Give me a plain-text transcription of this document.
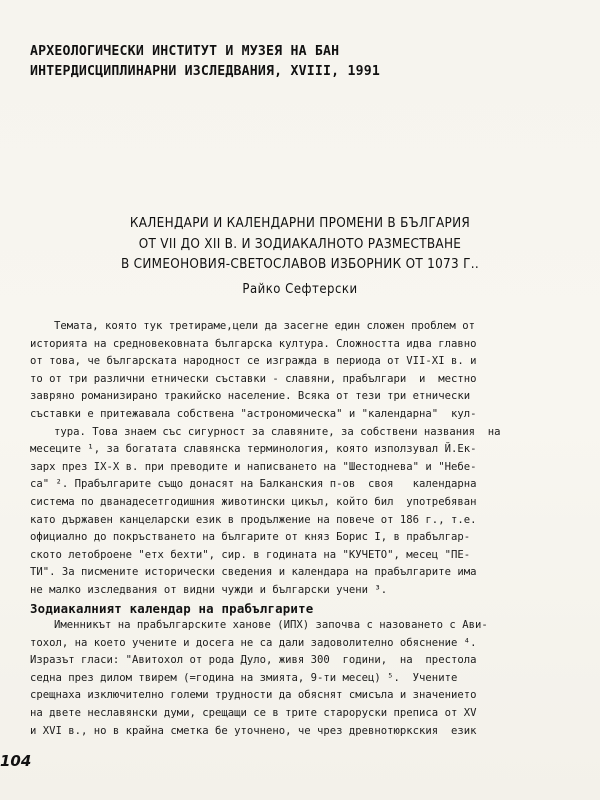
АРХЕОЛОГИЧЕСКИ ИНСТИТУТ И МУЗЕЯ НА БАН
ИНТЕРДИСЦИПЛИНАРНИ ИЗСЛЕДВАНИЯ, XVIII, 1991
КАЛЕНДАРИ И КАЛЕНДАРНИ ПРОМЕНИ В БЪЛГАРИЯ
ОТ VII ДО XII В. И ЗОДИАКАЛНОТО РАЗМЕСТВАНЕ
В СИМЕОНОВИЯ-СВЕТОСЛАВОВ ИЗБОРНИК ОТ 1073 Г..
Райко Сефтерски
Темата, която тук третираме,цели да засегне един сложен проблем от
историята на средновековната българска култура. Сложността идва главно
от това, че българската народност се изгражда в периода от VII-XI в. и
то от три различни етнически съставки - славяни, прабългари  и  местно
завряно романизирано тракийско население. Всяка от тези три етнически
съставки е притежавала собствена "астрономическа" и "календарна"  кул-
тура. Това знаем със сигурност за славяните, за собствени названия  на
месеците ¹, за богатата славянска терминология, която използувал Й.Ек-
зарх през IX-X в. при преводите и написването на "Шестоднева" и "Небе-
са" ². Прабългарите също донасят на Балканския п-ов  своя   календарна
система по дванадесетгодишния животински цикъл, който бил  употребяван
като държавен канцеларски език в продължение на повече от 186 г., т.е.
официално до покръстването на българите от княз Борис I, в прабългар-
ското летоброене "етх бехти", сир. в годината на "КУЧЕТО", месец "ПЕ-
ТИ". За писмените исторически сведения и календара на прабългарите има
не малко изследвания от видни чужди и български учени ³.
Зодиакалният календар на прабългарите
Именникът на прабългарските ханове (ИПХ) започва с назоването с Ави-
тохол, на което учените и досега не са дали задоволително обяснение ⁴.
Изразът гласи: "Авитохол от рода Дуло, живя 300  години,  на  престола
седна през дилом твирем (=година на змията, 9-ти месец) ⁵.  Учените
срещнаха изключително големи трудности да обяснят смисъла и значението
на двете неславянски думи, срещащи се в трите староруски преписа от XV
и XVI в., но в крайна сметка бе уточнено, че чрез древнотюркския  език
104
